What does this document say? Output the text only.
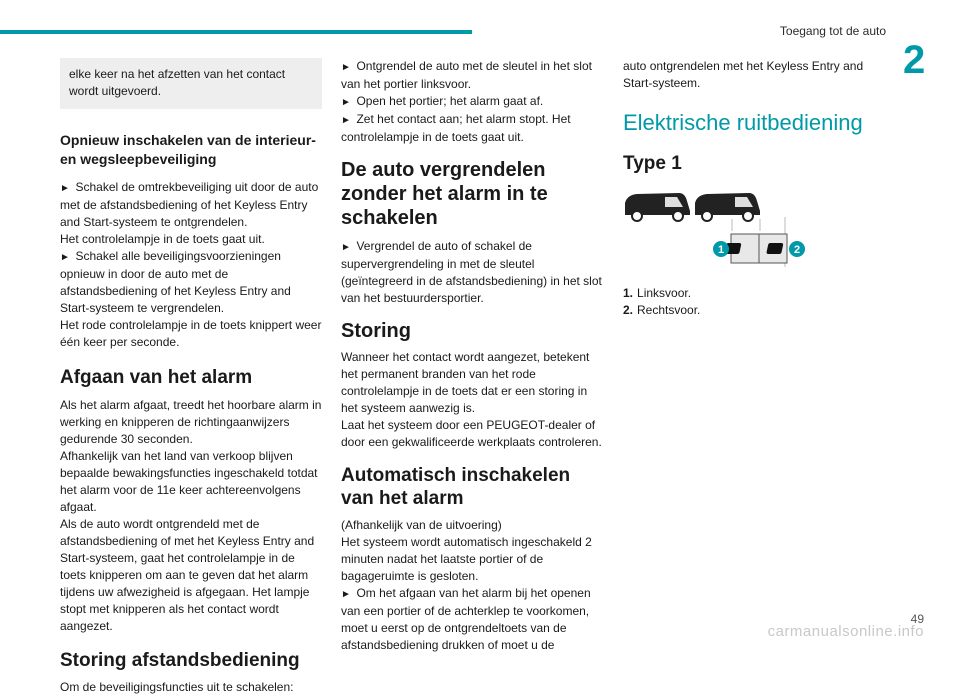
Toegang tot de auto
2
elke keer na het afzetten van het contact wordt uitgevoerd.
Opnieuw inschakelen van de interieur- en wegsleepbeveiliging

►  Schakel de omtrekbeveiliging uit door de auto met de afstandsbediening of het Keyless Entry and Start-systeem te ontgrendelen.

Het controlelampje in de toets gaat uit.

►  Schakel alle beveiligingsvoorzieningen opnieuw in door de auto met de afstandsbediening of het Keyless Entry and Start-systeem te vergrendelen.

Het rode controlelampje in de toets knippert weer één keer per seconde.

Afgaan van het alarm

Als het alarm afgaat, treedt het hoorbare alarm in werking en knipperen de richtingaanwijzers gedurende 30 seconden.

Afhankelijk van het land van verkoop blijven bepaalde bewakingsfuncties ingeschakeld totdat het alarm voor de 11e keer achtereenvolgens afgaat.

Als de auto wordt ontgrendeld met de afstandsbediening of met het Keyless Entry and Start-systeem, gaat het controlelampje in de toets knipperen om aan te geven dat het alarm tijdens uw afwezigheid is afgegaan. Het lampje stopt met knipperen als het contact wordt aangezet.

Storing afstandsbediening

Om de beveiligingsfuncties uit te schakelen:

►  Ontgrendel de auto met de sleutel in het slot van het portier linksvoor.

►  Open het portier; het alarm gaat af.

►  Zet het contact aan; het alarm stopt. Het controlelampje in de toets gaat uit.

De auto vergrendelen zonder het alarm in te schakelen

►  Vergrendel de auto of schakel de supervergrendeling in met de sleutel (geïntegreerd in de afstandsbediening) in het slot van het bestuurdersportier.

Storing

Wanneer het contact wordt aangezet, betekent het permanent branden van het rode controlelampje in de toets dat er een storing in het systeem aanwezig is.

Laat het systeem door een PEUGEOT-dealer of door een gekwalificeerde werkplaats controleren.

Automatisch inschakelen van het alarm

(Afhankelijk van de uitvoering)

Het systeem wordt automatisch ingeschakeld 2 minuten nadat het laatste portier of de bagageruimte is gesloten.

►  Om het afgaan van het alarm bij het openen van een portier of de achterklep te voorkomen, moet u eerst op de ontgrendeltoets van de afstandsbediening drukken of moet u de

auto ontgrendelen met het Keyless Entry and Start-systeem.

Elektrische ruitbediening
Type 1
1	2
1. Linksvoor.
2. Rechtsvoor.
49
carmanualsonline.info
